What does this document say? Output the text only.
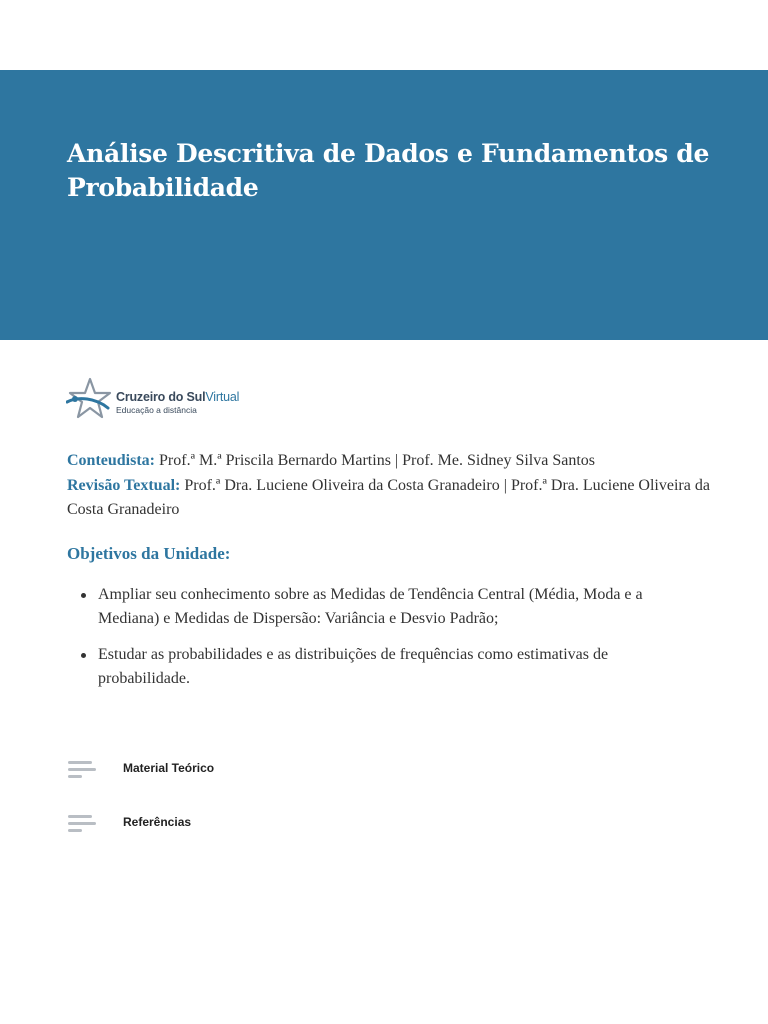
Análise Descritiva de Dados e Fundamentos de Probabilidade
Cruzeiro do SulVirtual
Educação a distância
Conteudista: Prof.ª M.ª Priscila Bernardo Martins | Prof. Me. Sidney Silva Santos
Revisão Textual: Prof.ª Dra. Luciene Oliveira da Costa Granadeiro | Prof.ª Dra. Luciene Oliveira da Costa Granadeiro
Objetivos da Unidade:
Ampliar seu conhecimento sobre as Medidas de Tendência Central (Média, Moda e a
Mediana) e Medidas de Dispersão: Variância e Desvio Padrão;
Estudar as probabilidades e as distribuições de frequências como estimativas de probabilidade.
Material Teórico
Referências
